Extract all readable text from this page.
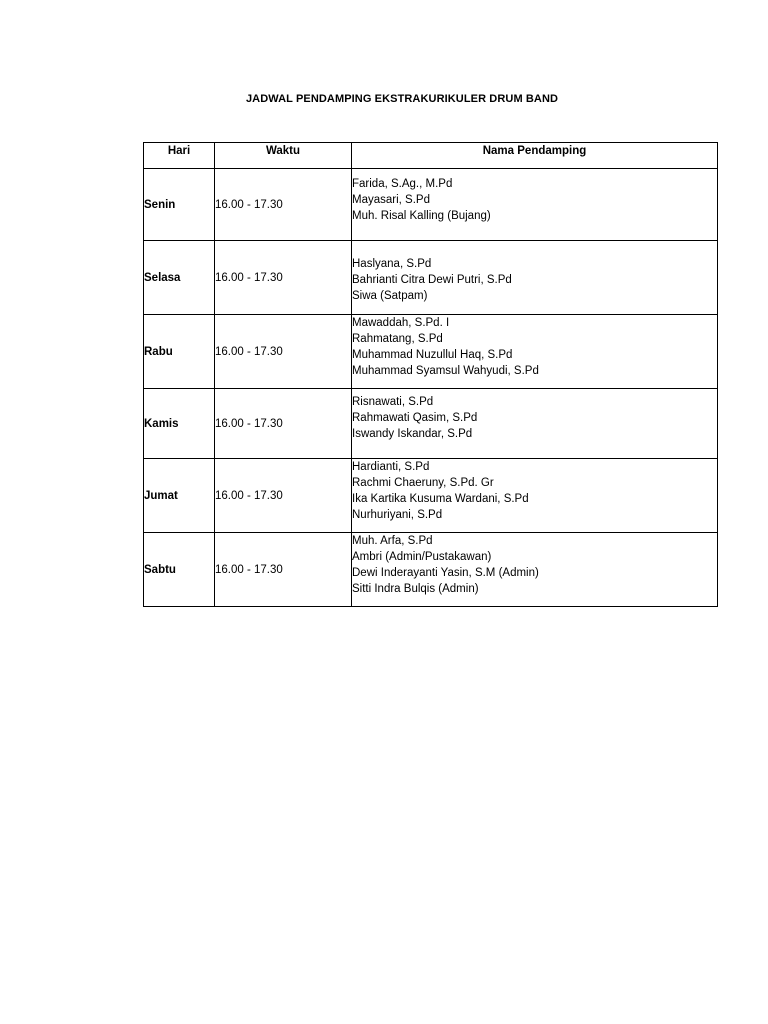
JADWAL PENDAMPING EKSTRAKURIKULER DRUM BAND
Hari	Waktu	Nama Pendamping
Senin	16.00 - 17.30	Farida, S.Ag., M.Pd
Mayasari, S.Pd
Muh. Risal Kalling (Bujang)

Selasa	16.00 - 17.30	Haslyana, S.Pd
Bahrianti Citra Dewi Putri, S.Pd
Siwa (Satpam)

Rabu	16.00 - 17.30	Mawaddah, S.Pd. I
Rahmatang, S.Pd
Muhammad Nuzullul Haq, S.Pd
Muhammad Syamsul Wahyudi, S.Pd

Kamis	16.00 - 17.30	Risnawati, S.Pd
Rahmawati Qasim, S.Pd
Iswandy Iskandar, S.Pd

Jumat	16.00 - 17.30	Hardianti, S.Pd
Rachmi Chaeruny, S.Pd. Gr
Ika Kartika Kusuma Wardani, S.Pd
Nurhuriyani, S.Pd

Sabtu	16.00 - 17.30	Muh. Arfa, S.Pd
Ambri (Admin/Pustakawan)
Dewi Inderayanti Yasin, S.M (Admin)
Sitti Indra Bulqis (Admin)
